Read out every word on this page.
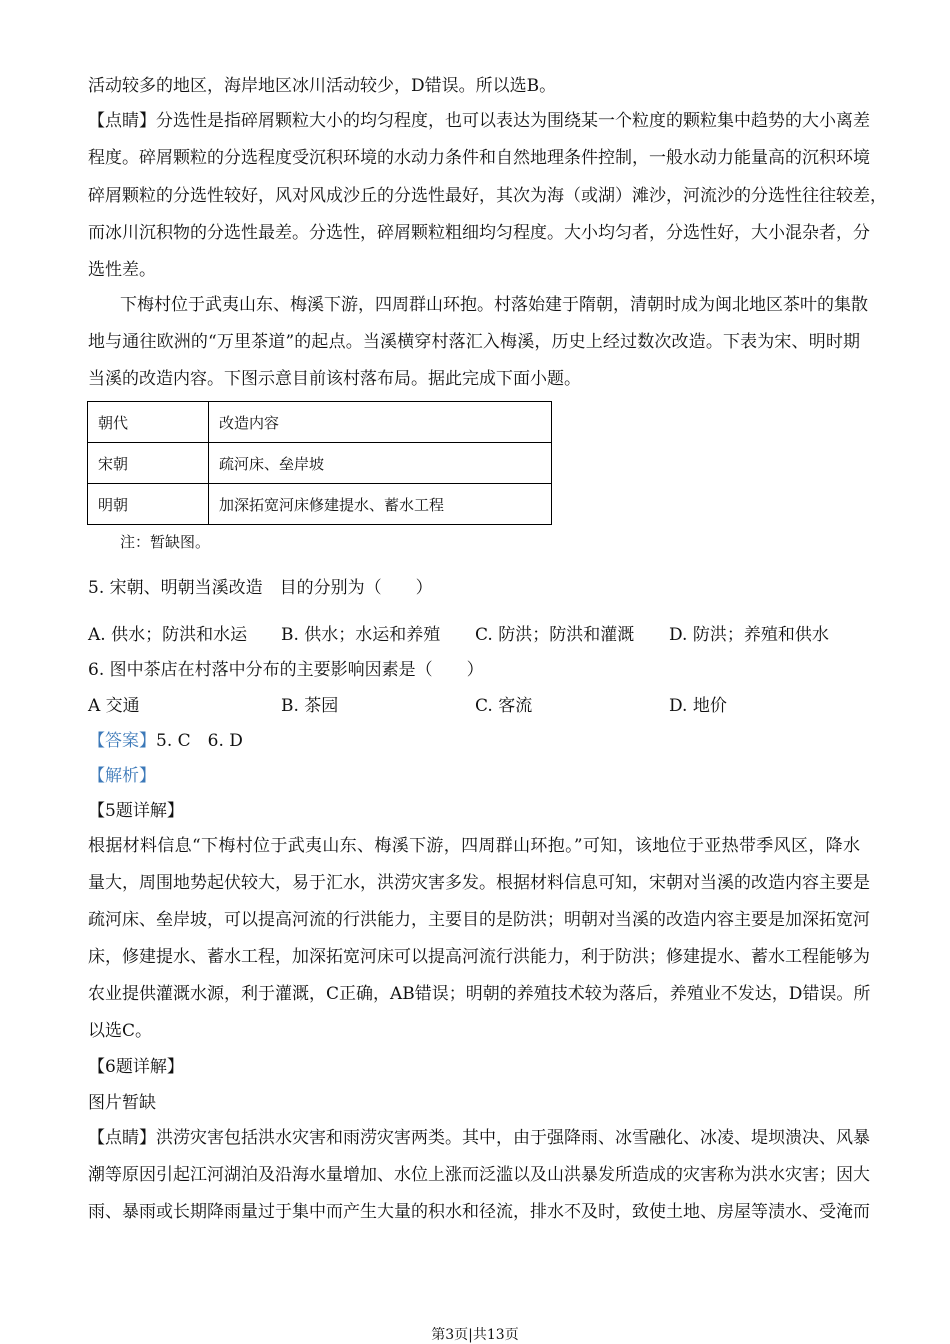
活动较多的地区，海岸地区冰川活动较少，D错误。所以选B。
【点睛】分选性是指碎屑颗粒大小的均匀程度，也可以表达为围绕某一个粒度的颗粒集中趋势的大小离差
程度。碎屑颗粒的分选程度受沉积环境的水动力条件和自然地理条件控制，一般水动力能量高的沉积环境
碎屑颗粒的分选性较好，风对风成沙丘的分选性最好，其次为海（或湖）滩沙，河流沙的分选性往往较差，
而冰川沉积物的分选性最差。分选性，碎屑颗粒粗细均匀程度。大小均匀者，分选性好，大小混杂者，分
选性差。
下梅村位于武夷山东、梅溪下游，四周群山环抱。村落始建于隋朝，清朝时成为闽北地区茶叶的集散
地与通往欧洲的“万里茶道”的起点。当溪横穿村落汇入梅溪，历史上经过数次改造。下表为宋、明时期
当溪的改造内容。下图示意目前该村落布局。据此完成下面小题。
朝代	改造内容
宋朝	疏河床、垒岸坡
明朝	加深拓宽河床修建提水、蓄水工程
注：暂缺图。
5. 宋朝、明朝当溪改造　目的分别为（　　）
A. 供水；防洪和水运 B. 供水；水运和养殖 C. 防洪；防洪和灌溉 D. 防洪；养殖和供水
6. 图中茶店在村落中分布的主要影响因素是（　　）
A 交通	B. 茶园	C. 客流	D. 地价
【答案】5. C　6. D
【解析】
【5题详解】
根据材料信息“下梅村位于武夷山东、梅溪下游，四周群山环抱。”可知，该地位于亚热带季风区，降水
量大，周围地势起伏较大，易于汇水，洪涝灾害多发。根据材料信息可知，宋朝对当溪的改造内容主要是
疏河床、垒岸坡，可以提高河流的行洪能力，主要目的是防洪；明朝对当溪的改造内容主要是加深拓宽河
床，修建提水、蓄水工程，加深拓宽河床可以提高河流行洪能力，利于防洪；修建提水、蓄水工程能够为
农业提供灌溉水源，利于灌溉，C正确，AB错误；明朝的养殖技术较为落后，养殖业不发达，D错误。所
以选C。
【6题详解】
图片暂缺
【点睛】洪涝灾害包括洪水灾害和雨涝灾害两类。其中，由于强降雨、冰雪融化、冰凌、堤坝溃决、风暴
潮等原因引起江河湖泊及沿海水量增加、水位上涨而泛滥以及山洪暴发所造成的灾害称为洪水灾害；因大
雨、暴雨或长期降雨量过于集中而产生大量的积水和径流，排水不及时，致使土地、房屋等渍水、受淹而
第3页|共13页
